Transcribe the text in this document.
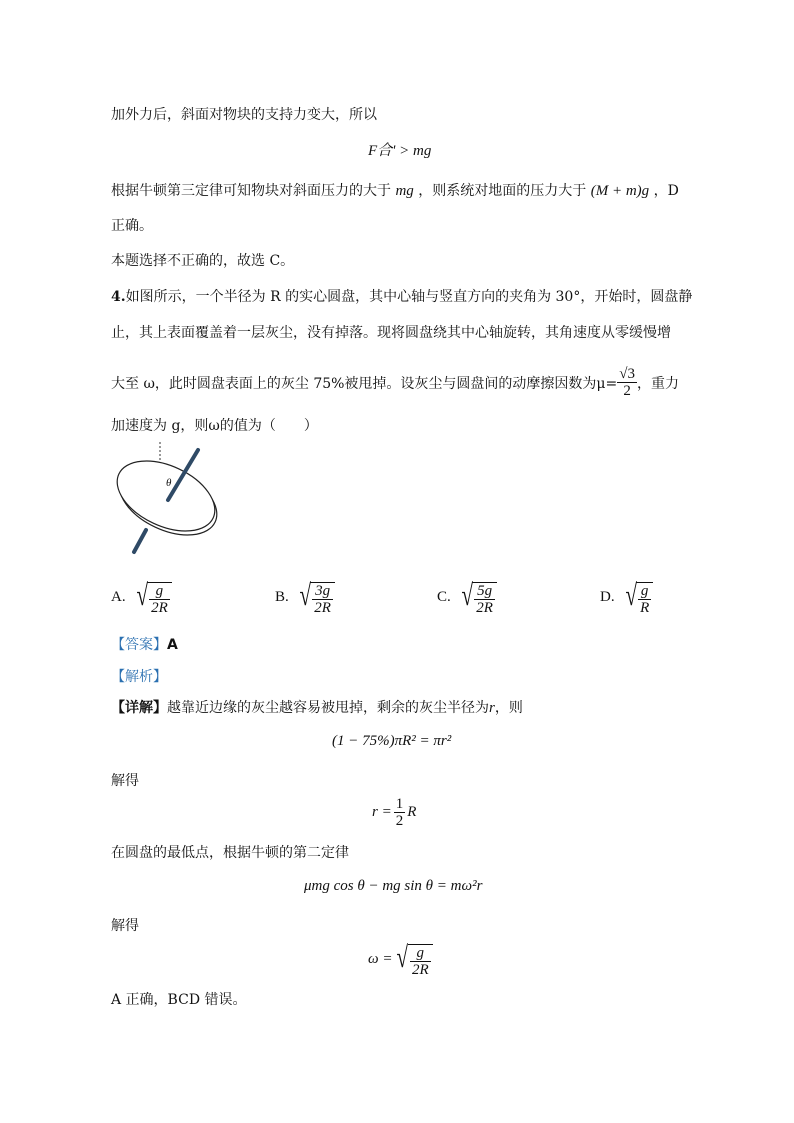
加外力后，斜面对物块的支持力变大，所以
F合' > mg
根据牛顿第三定律可知物块对斜面压力的大于 mg ，则系统对地面的压力大于 (M + m)g ，D
正确。
本题选择不正确的，故选 C。
4.如图所示，一个半径为 R 的实心圆盘，其中心轴与竖直方向的夹角为 30°，开始时，圆盘静
止，其上表面覆盖着一层灰尘，没有掉落。现将圆盘绕其中心轴旋转，其角速度从零缓慢增
大至 ω，此时圆盘表面上的灰尘 75%被甩掉。设灰尘与圆盘间的动摩擦因数为$\mu= \frac{√3}{2}$ ，重力
加速度为 g，则ω的值为（　　）
θ
A. √ $\frac{g}{2R}$	B. √ $\frac{3g}{2R}$	C. √ $\frac{5g}{2R}$	D. √ $\frac{g}{R}$
【答案】A
【解析】
【详解】越靠近边缘的灰尘越容易被甩掉，剩余的灰尘半径为r，则
(1 − 75%)πR² = πr²
解得
$r = \frac{1}{2}$ R
在圆盘的最低点，根据牛顿的第二定律
μmg cos θ − mg sin θ = mω²r
解得
ω = √ $\frac{g}{2R}$
A 正确，BCD 错误。
